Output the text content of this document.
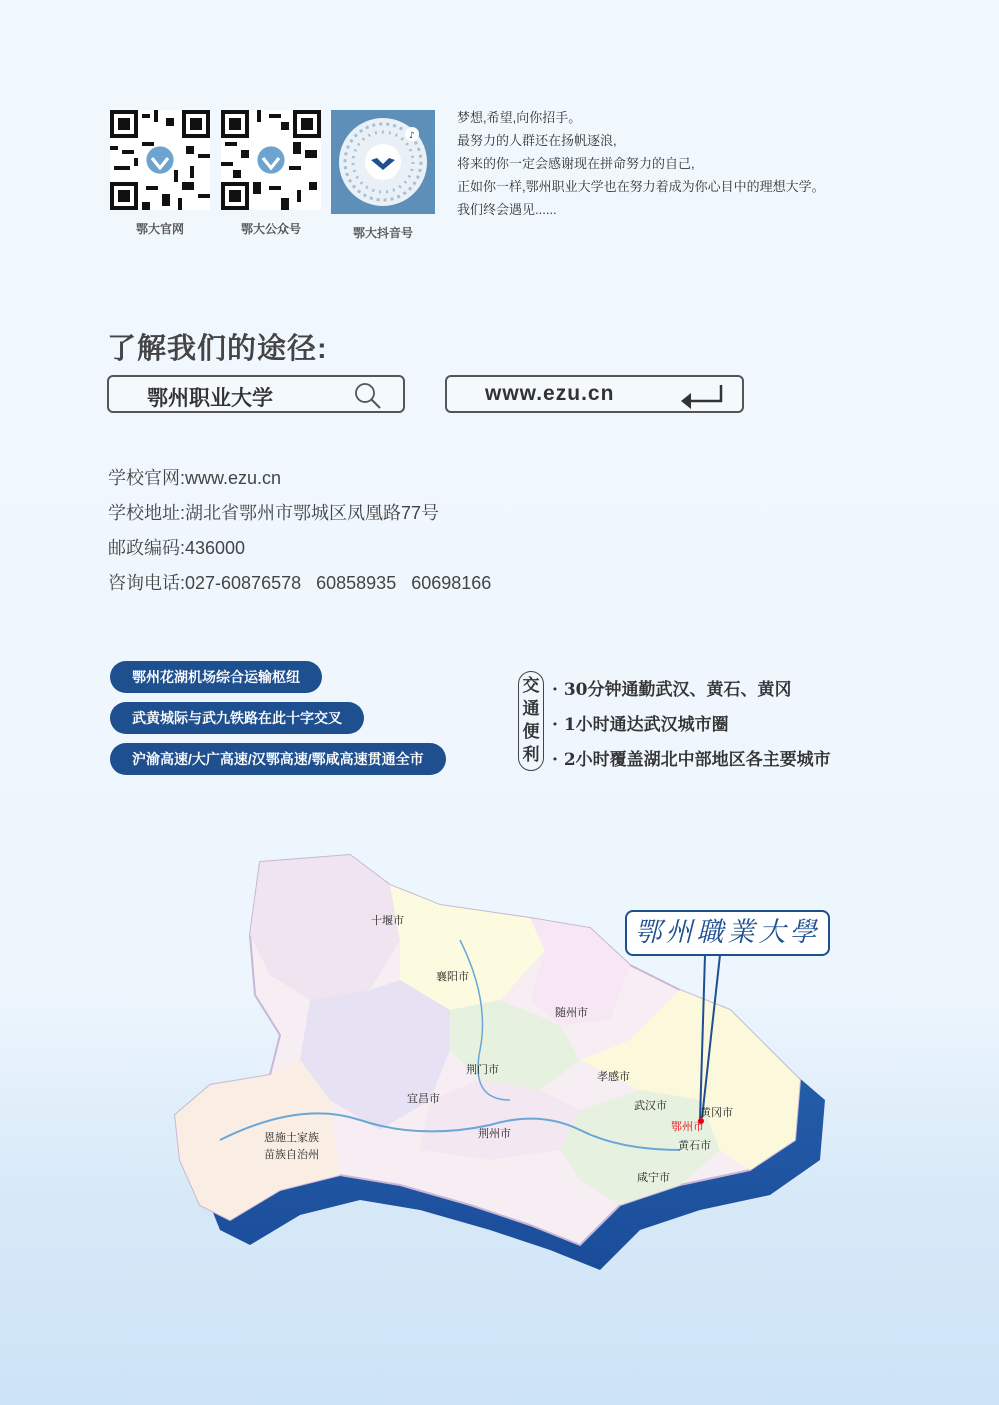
鄂大官网	鄂大公众号
♪
鄂大抖音号
梦想,希望,向你招手。
最努力的人群还在扬帆逐浪,
将来的你一定会感谢现在拼命努力的自己,
正如你一样,鄂州职业大学也在努力着成为你心目中的理想大学。
我们终会遇见......
了解我们的途径:
鄂州职业大学	www.ezu.cn
学校官网:www.ezu.cn
学校地址:湖北省鄂州市鄂城区凤凰路77号
邮政编码:436000
咨询电话:027-60876578   60858935   60698166
鄂州花湖机场综合运输枢纽
武黄城际与武九铁路在此十字交叉
沪渝高速/大广高速/汉鄂高速/鄂咸高速贯通全市
交
通
便
利
· 30分钟通勤武汉、黄石、黄冈
· 1小时通达武汉城市圈
· 2小时覆盖湖北中部地区各主要城市
十堰市
襄阳市
随州市
荆门市
孝感市
宜昌市
武汉市
黄冈市
鄂州市
荆州市
恩施土家族
苗族自治州
黄石市
咸宁市
鄂州職業大學
